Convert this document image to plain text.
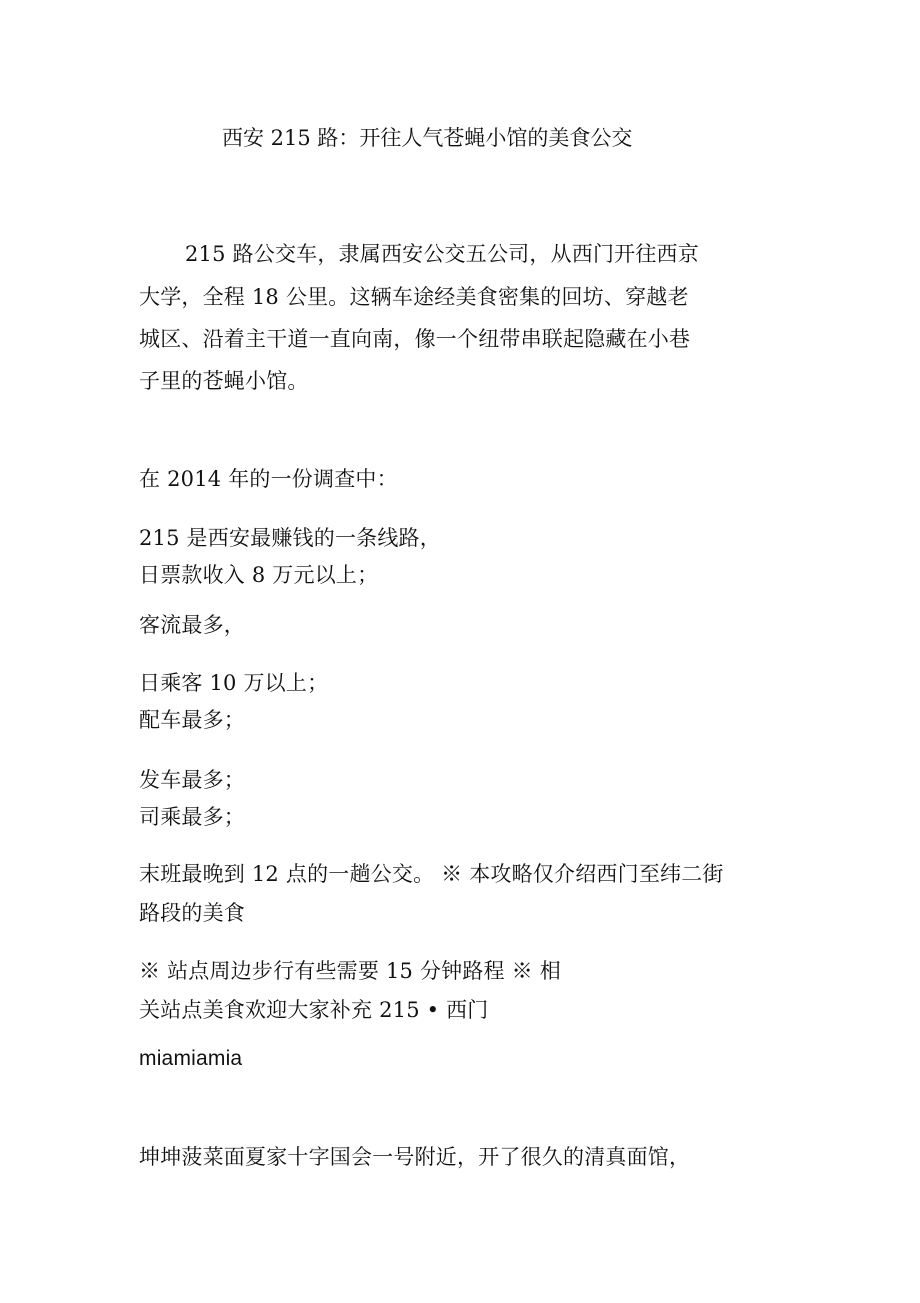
西安 215 路：开往人气苍蝇小馆的美食公交
215 路公交车，隶属西安公交五公司，从西门开往西京
大学，全程 18 公里。这辆车途经美食密集的回坊、穿越老
城区、沿着主干道一直向南，像一个纽带串联起隐藏在小巷
子里的苍蝇小馆。
在 2014 年的一份调查中：
215 是西安最赚钱的一条线路，
日票款收入 8 万元以上；
客流最多，
日乘客 10 万以上；
配车最多；
发车最多；
司乘最多；
末班最晚到 12 点的一趟公交。 ※ 本攻略仅介绍西门至纬二街
路段的美食
※ 站点周边步行有些需要 15 分钟路程 ※ 相
关站点美食欢迎大家补充 215 • 西门
miamiamia
坤坤菠菜面夏家十字国会一号附近，开了很久的清真面馆，
